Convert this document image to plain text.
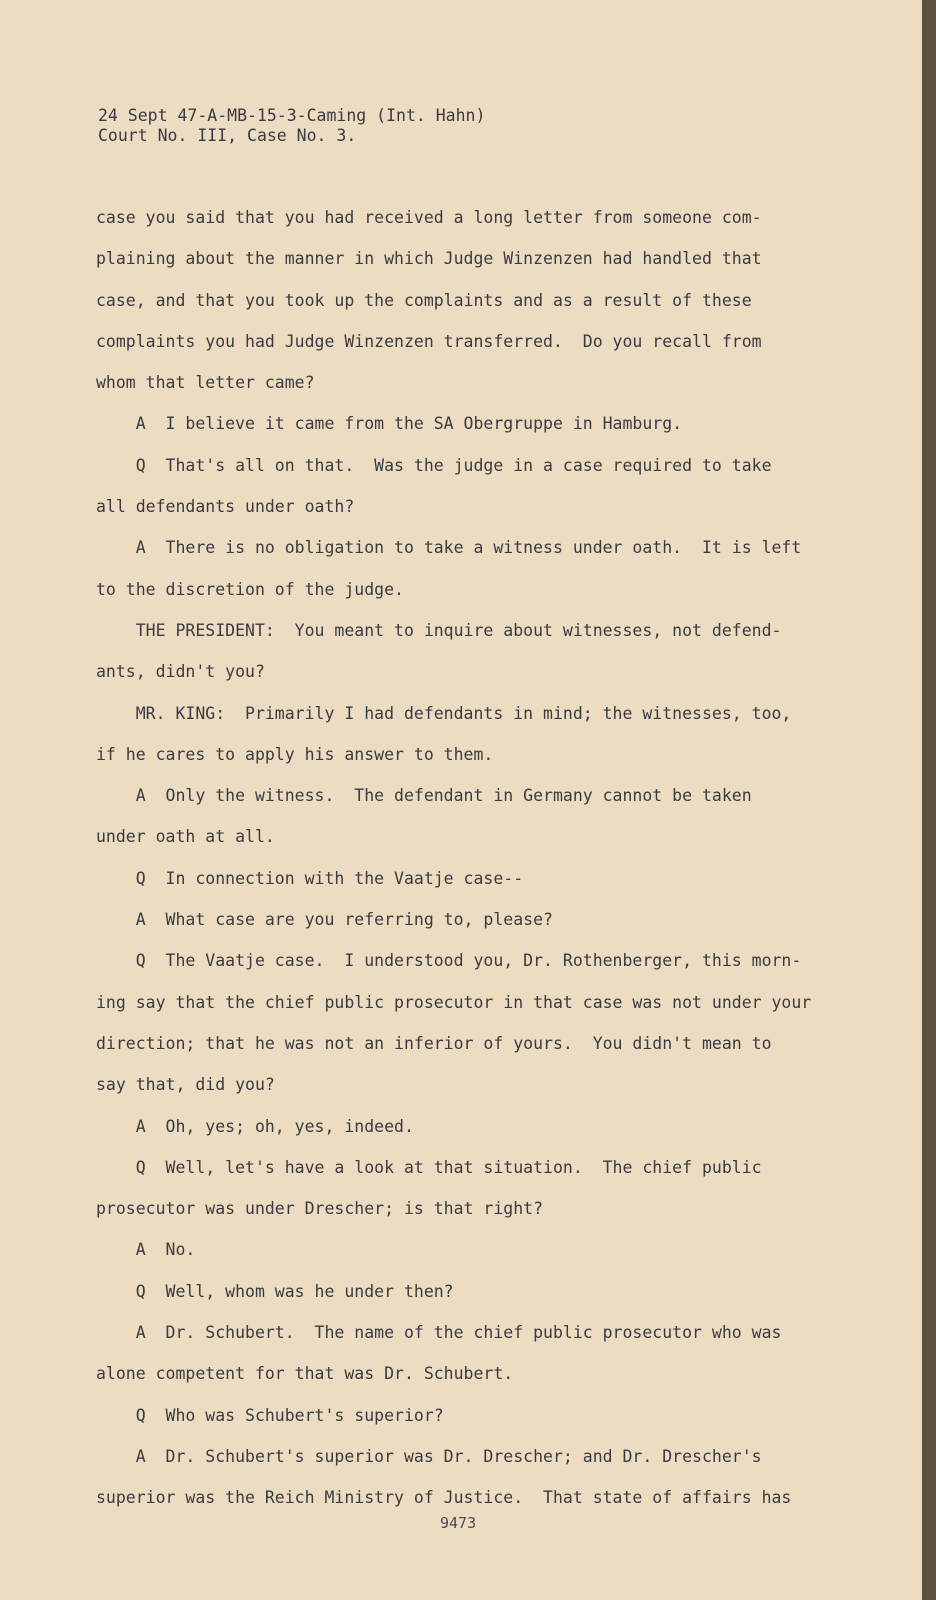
24 Sept 47-A-MB-15-3-Caming (Int. Hahn)
Court No. III, Case No. 3.
case you said that you had received a long letter from someone com-
plaining about the manner in which Judge Winzenzen had handled that
case, and that you took up the complaints and as a result of these
complaints you had Judge Winzenzen transferred.  Do you recall from
whom that letter came?
A  I believe it came from the SA Obergruppe in Hamburg.
Q  That's all on that.  Was the judge in a case required to take
all defendants under oath?
A  There is no obligation to take a witness under oath.  It is left
to the discretion of the judge.
THE PRESIDENT:  You meant to inquire about witnesses, not defend-
ants, didn't you?
MR. KING:  Primarily I had defendants in mind; the witnesses, too,
if he cares to apply his answer to them.
A  Only the witness.  The defendant in Germany cannot be taken
under oath at all.
Q  In connection with the Vaatje case--
A  What case are you referring to, please?
Q  The Vaatje case.  I understood you, Dr. Rothenberger, this morn-
ing say that the chief public prosecutor in that case was not under your
direction; that he was not an inferior of yours.  You didn't mean to
say that, did you?
A  Oh, yes; oh, yes, indeed.
Q  Well, let's have a look at that situation.  The chief public
prosecutor was under Drescher; is that right?
A  No.
Q  Well, whom was he under then?
A  Dr. Schubert.  The name of the chief public prosecutor who was
alone competent for that was Dr. Schubert.
Q  Who was Schubert's superior?
A  Dr. Schubert's superior was Dr. Drescher; and Dr. Drescher's
superior was the Reich Ministry of Justice.  That state of affairs has
9473
